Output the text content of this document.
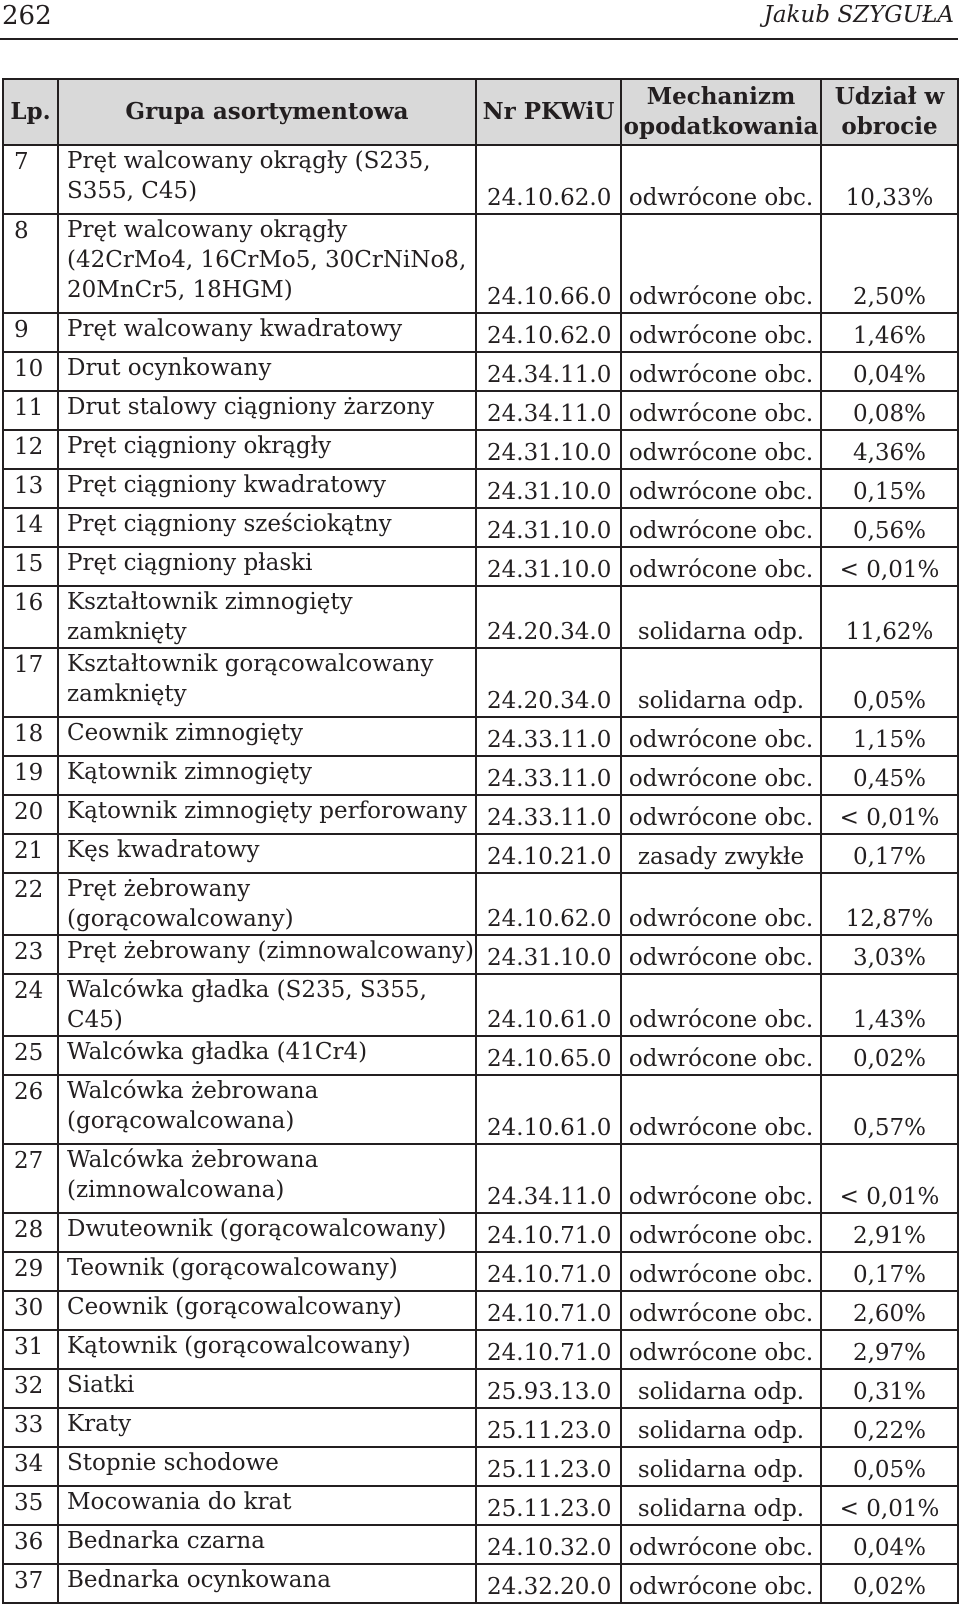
262	Jakub SZYGUŁA
Lp.	Grupa asortymentowa	Nr PKWiU	Mechanizm opodatkowania	Udział w obrocie
7	Pręt walcowany okrągły (S235, S355, C45)	24.10.62.0	odwrócone obc.	10,33%
8	Pręt walcowany okrągły (42CrMo4, 16CrMo5, 30CrNiNo8, 20MnCr5, 18HGM)	24.10.66.0	odwrócone obc.	2,50%
9	Pręt walcowany kwadratowy	24.10.62.0	odwrócone obc.	1,46%
10	Drut ocynkowany	24.34.11.0	odwrócone obc.	0,04%
11	Drut stalowy ciągniony żarzony	24.34.11.0	odwrócone obc.	0,08%
12	Pręt ciągniony okrągły	24.31.10.0	odwrócone obc.	4,36%
13	Pręt ciągniony kwadratowy	24.31.10.0	odwrócone obc.	0,15%
14	Pręt ciągniony sześciokątny	24.31.10.0	odwrócone obc.	0,56%
15	Pręt ciągniony płaski	24.31.10.0	odwrócone obc.	< 0,01%
16	Kształtownik zimnogięty zamknięty	24.20.34.0	solidarna odp.	11,62%
17	Kształtownik gorącowalcowany zamknięty	24.20.34.0	solidarna odp.	0,05%
18	Ceownik zimnogięty	24.33.11.0	odwrócone obc.	1,15%
19	Kątownik zimnogięty	24.33.11.0	odwrócone obc.	0,45%
20	Kątownik zimnogięty perforowany	24.33.11.0	odwrócone obc.	< 0,01%
21	Kęs kwadratowy	24.10.21.0	zasady zwykłe	0,17%
22	Pręt żebrowany (gorącowalcowany)	24.10.62.0	odwrócone obc.	12,87%
23	Pręt żebrowany (zimnowalcowany)	24.31.10.0	odwrócone obc.	3,03%
24	Walcówka gładka (S235, S355, C45)	24.10.61.0	odwrócone obc.	1,43%
25	Walcówka gładka (41Cr4)	24.10.65.0	odwrócone obc.	0,02%
26	Walcówka żebrowana (gorącowalcowana)	24.10.61.0	odwrócone obc.	0,57%
27	Walcówka żebrowana (zimnowalcowana)	24.34.11.0	odwrócone obc.	< 0,01%
28	Dwuteownik (gorącowalcowany)	24.10.71.0	odwrócone obc.	2,91%
29	Teownik (gorącowalcowany)	24.10.71.0	odwrócone obc.	0,17%
30	Ceownik (gorącowalcowany)	24.10.71.0	odwrócone obc.	2,60%
31	Kątownik (gorącowalcowany)	24.10.71.0	odwrócone obc.	2,97%
32	Siatki	25.93.13.0	solidarna odp.	0,31%
33	Kraty	25.11.23.0	solidarna odp.	0,22%
34	Stopnie schodowe	25.11.23.0	solidarna odp.	0,05%
35	Mocowania do krat	25.11.23.0	solidarna odp.	< 0,01%
36	Bednarka czarna	24.10.32.0	odwrócone obc.	0,04%
37	Bednarka ocynkowana	24.32.20.0	odwrócone obc.	0,02%
